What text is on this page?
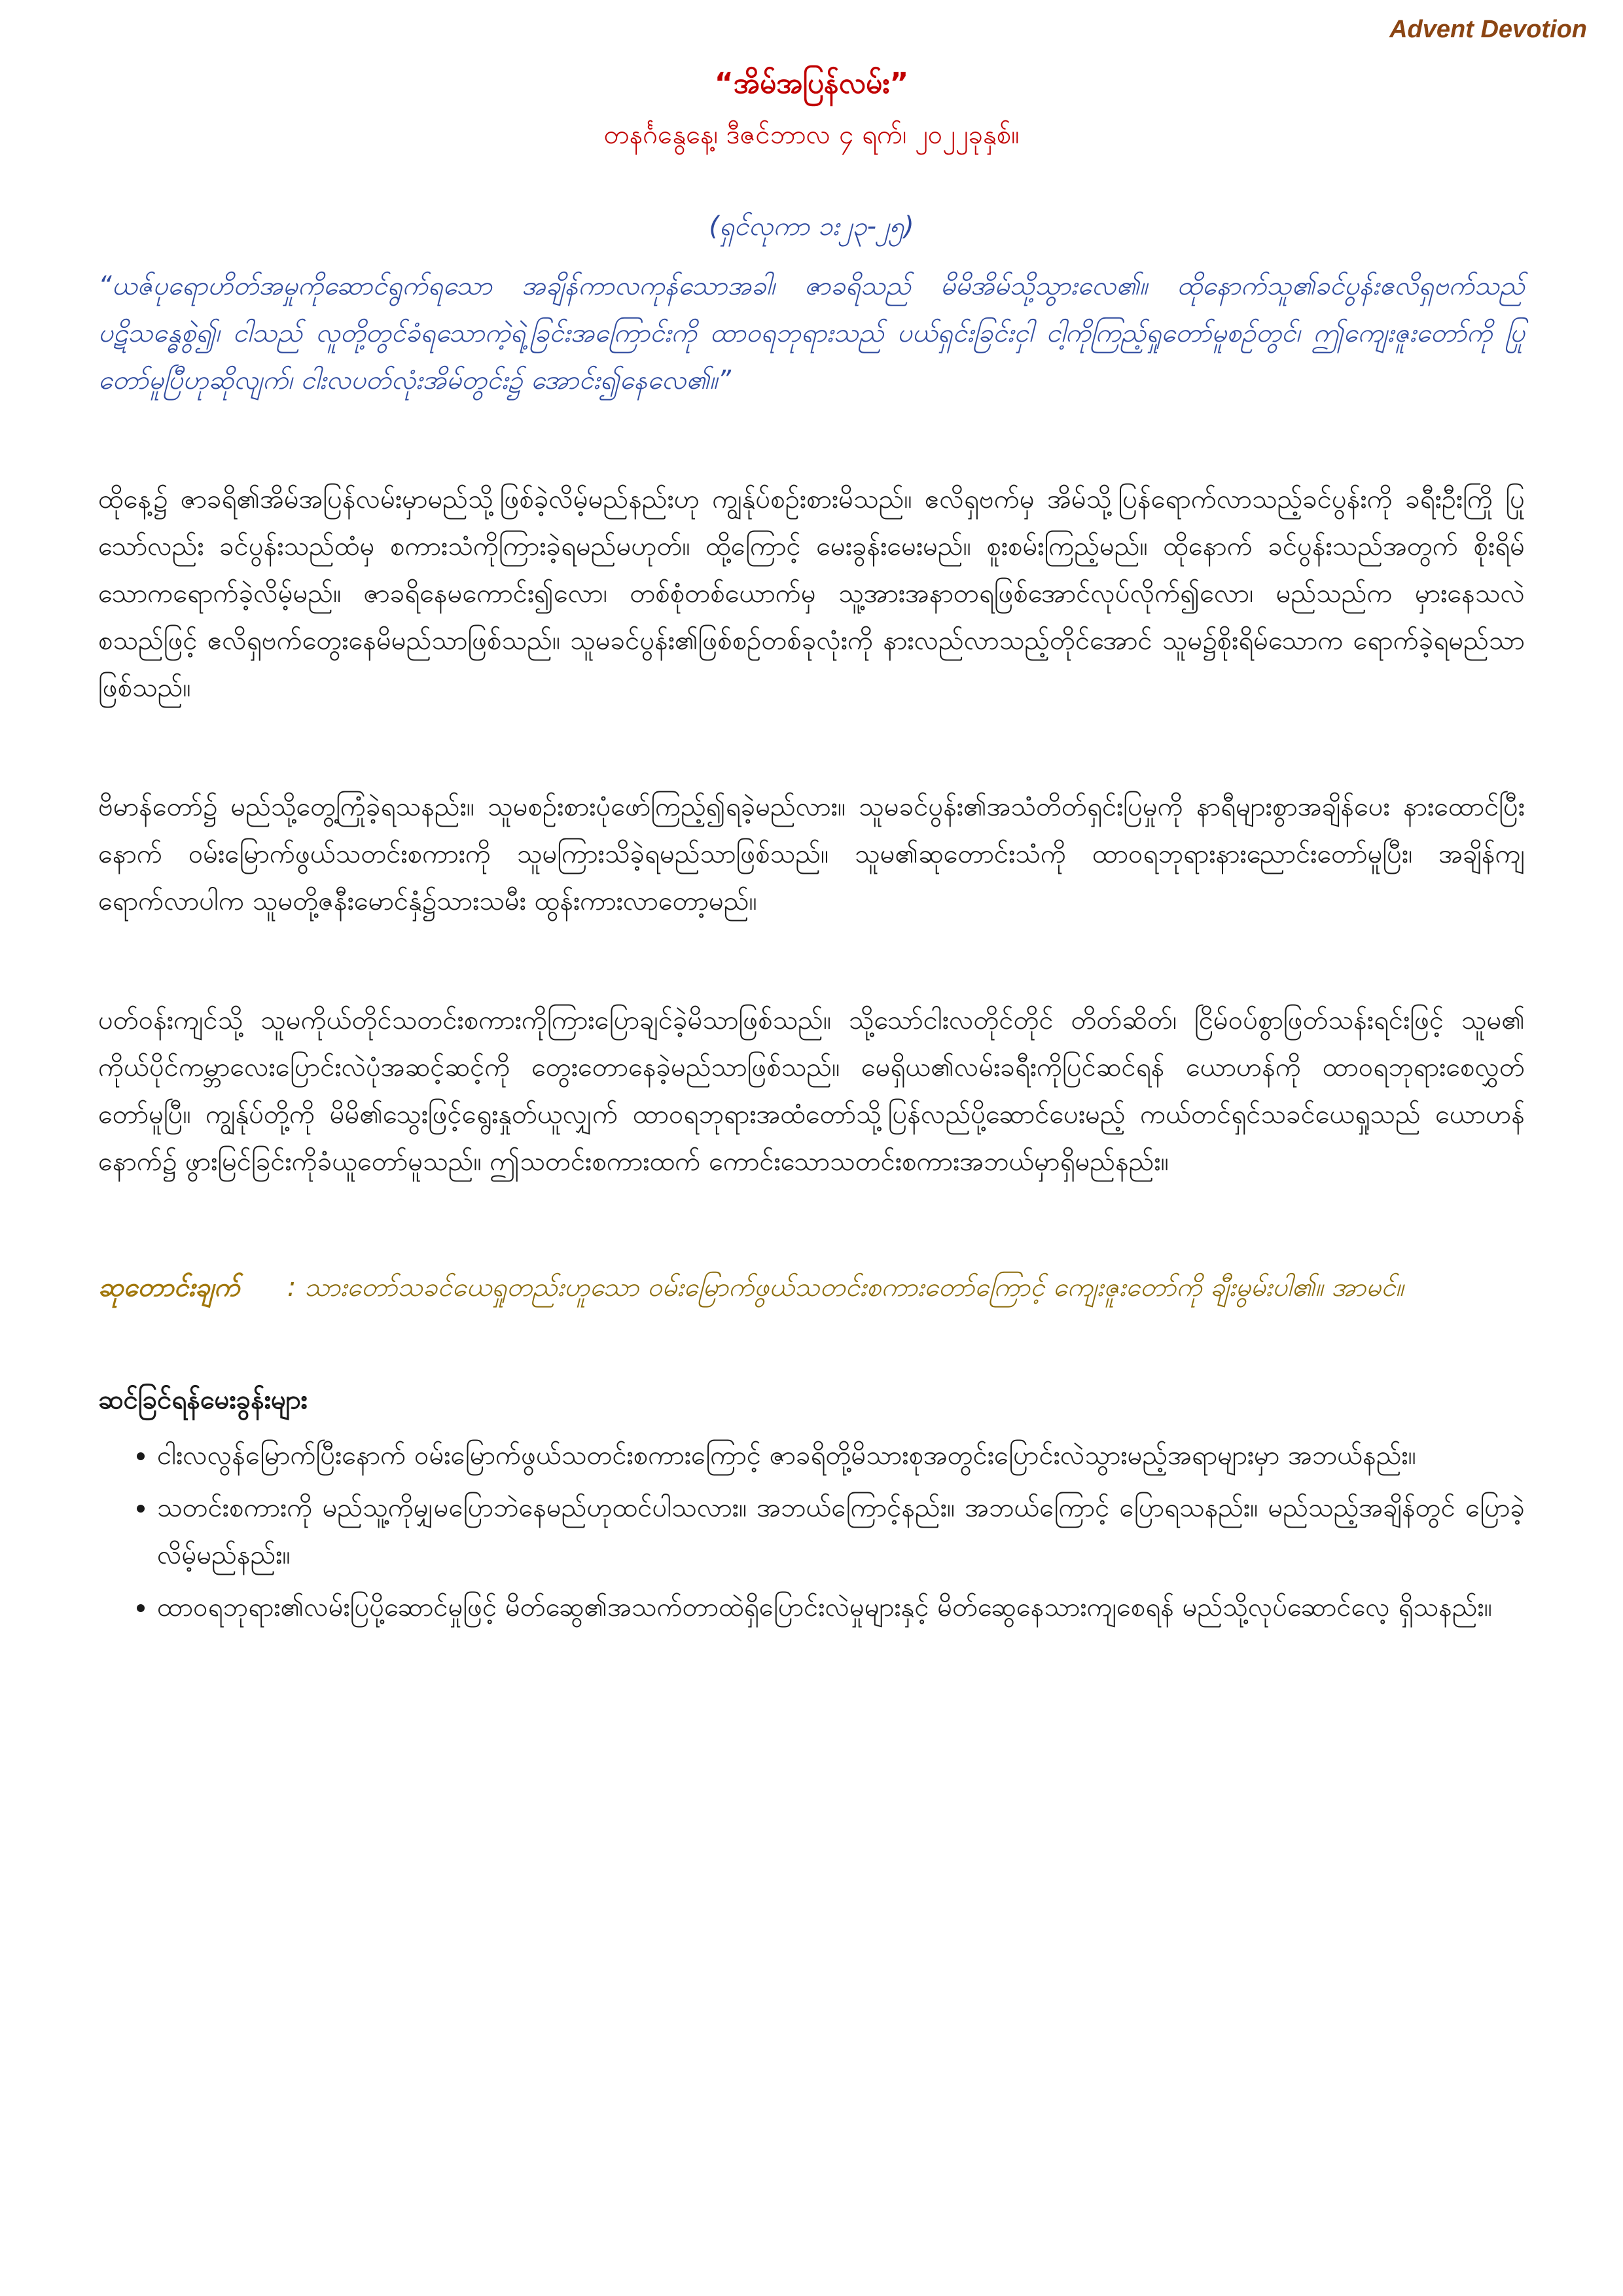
Advent Devotion
“အိမ်အပြန်လမ်း”
တနင်္ဂနွေနေ့၊ ဒီဇင်ဘာလ ၄ ရက်၊ ၂၀၂၂ခုနှစ်။
(ရှင်လုကာ ၁း၂၃-၂၅)

“ယဇ်ပုရောဟိတ်အမှုကိုဆောင်ရွက်ရသော အချိန်ကာလကုန်သောအခါ၊ ဇာခရိသည် မိမိအိမ်သို့သွားလေ၏။ ထိုနောက်သူ၏ခင်ပွန်းဧလိရှဗက်သည် ပဋိသန္ဓေစွဲ၍၊ ငါသည် လူတို့တွင်ခံရသောကဲ့ရဲ့ခြင်းအကြောင်းကို ထာဝရဘုရားသည် ပယ်ရှင်းခြင်းငှါ ငါ့ကိုကြည့်ရှုတော်မူစဉ်တွင်၊ ဤကျေးဇူးတော်ကို ပြုတော်မူပြီဟုဆိုလျက်၊ ငါးလပတ်လုံးအိမ်တွင်း၌ အောင်း၍နေလေ၏။”

ထိုနေ့၌ ဇာခရိ၏အိမ်အပြန်လမ်းမှာမည်သို့ဖြစ်ခဲ့လိမ့်မည်နည်းဟု ကျွန်ုပ်စဉ်းစားမိသည်။ ဧလိရှဗက်မှ အိမ်သို့ပြန်ရောက်လာသည့်ခင်ပွန်းကို ခရီးဦးကြို ပြုသော်လည်း ခင်ပွန်းသည်ထံမှ စကားသံကိုကြားခဲ့ရမည်မဟုတ်။ ထို့ကြောင့် မေးခွန်းမေးမည်။ စူးစမ်းကြည့်မည်။ ထိုနောက် ခင်ပွန်းသည်အတွက် စိုးရိမ်သောကရောက်ခဲ့လိမ့်မည်။ ဇာခရိနေမကောင်း၍လော၊ တစ်စုံတစ်ယောက်မှ သူ့အားအနာတရဖြစ်အောင်လုပ်လိုက်၍လော၊ မည်သည်က မှားနေသလဲစသည်ဖြင့် ဧလိရှဗက်တွေးနေမိမည်သာဖြစ်သည်။ သူမခင်ပွန်း၏ဖြစ်စဉ်တစ်ခုလုံးကို နားလည်လာသည့်တိုင်အောင် သူမ၌စိုးရိမ်သောက ရောက်ခဲ့ရမည်သာဖြစ်သည်။

ဗိမာန်တော်၌ မည်သို့တွေ့ကြုံခဲ့ရသနည်း။ သူမစဉ်းစားပုံဖော်ကြည့်၍ရခဲ့မည်လား။ သူမခင်ပွန်း၏အသံတိတ်ရှင်းပြမှုကို နာရီများစွာအချိန်ပေး နားထောင်ပြီးနောက် ဝမ်းမြောက်ဖွယ်သတင်းစကားကို သူမကြားသိခဲ့ရမည်သာဖြစ်သည်။ သူမ၏ဆုတောင်းသံကို ထာဝရဘုရားနားညောင်းတော်မူပြီး၊ အချိန်ကျရောက်လာပါက သူမတို့ဇနီးမောင်နှံ၌သားသမီး ထွန်းကားလာတော့မည်။

ပတ်ဝန်းကျင်သို့ သူမကိုယ်တိုင်သတင်းစကားကိုကြားပြောချင်ခဲ့မိသာဖြစ်သည်။ သို့သော်ငါးလတိုင်တိုင် တိတ်ဆိတ်၊ ငြိမ်ဝပ်စွာဖြတ်သန်းရင်းဖြင့် သူမ၏ ကိုယ်ပိုင်ကမ္ဘာလေးပြောင်းလဲပုံအဆင့်ဆင့်ကို တွေးတောနေခဲ့မည်သာဖြစ်သည်။ မေရှိယ၏လမ်းခရီးကိုပြင်ဆင်ရန် ယောဟန်ကို ထာဝရဘုရားစေလွှတ် တော်မူပြီ။ ကျွန်ုပ်တို့ကို မိမိ၏သွေးဖြင့်ရွေးနှုတ်ယူလျှက် ထာဝရဘုရားအထံတော်သို့ပြန်လည်ပို့ဆောင်ပေးမည့် ကယ်တင်ရှင်သခင်ယေရှုသည် ယောဟန်နောက်၌ ဖွားမြင်ခြင်းကိုခံယူတော်မူသည်။ ဤသတင်းစကားထက် ကောင်းသောသတင်းစကားအဘယ်မှာရှိမည်နည်း။

ဆုတောင်းချက် : သားတော်သခင်ယေရှုတည်းဟူသော ဝမ်းမြောက်ဖွယ်သတင်းစကားတော်ကြောင့် ကျေးဇူးတော်ကို ချီးမွမ်းပါ၏။ အာမင်။
ဆင်ခြင်ရန်မေးခွန်းများ
• ငါးလလွန်မြောက်ပြီးနောက် ဝမ်းမြောက်ဖွယ်သတင်းစကားကြောင့် ဇာခရိတို့မိသားစုအတွင်းပြောင်းလဲသွားမည့်အရာများမှာ အဘယ်နည်း။
• သတင်းစကားကို မည်သူ့ကိုမျှမပြောဘဲနေမည်ဟုထင်ပါသလား။ အဘယ်ကြောင့်နည်း။ အဘယ်ကြောင့် ပြောရသနည်း။ မည်သည့်အချိန်တွင် ပြောခဲ့လိမ့်မည်နည်း။
• ထာဝရဘုရား၏လမ်းပြပို့ဆောင်မှုဖြင့် မိတ်ဆွေ၏အသက်တာထဲရှိပြောင်းလဲမှုများနှင့် မိတ်ဆွေနေသားကျစေရန် မည်သို့လုပ်ဆောင်လေ့ ရှိသနည်း။
